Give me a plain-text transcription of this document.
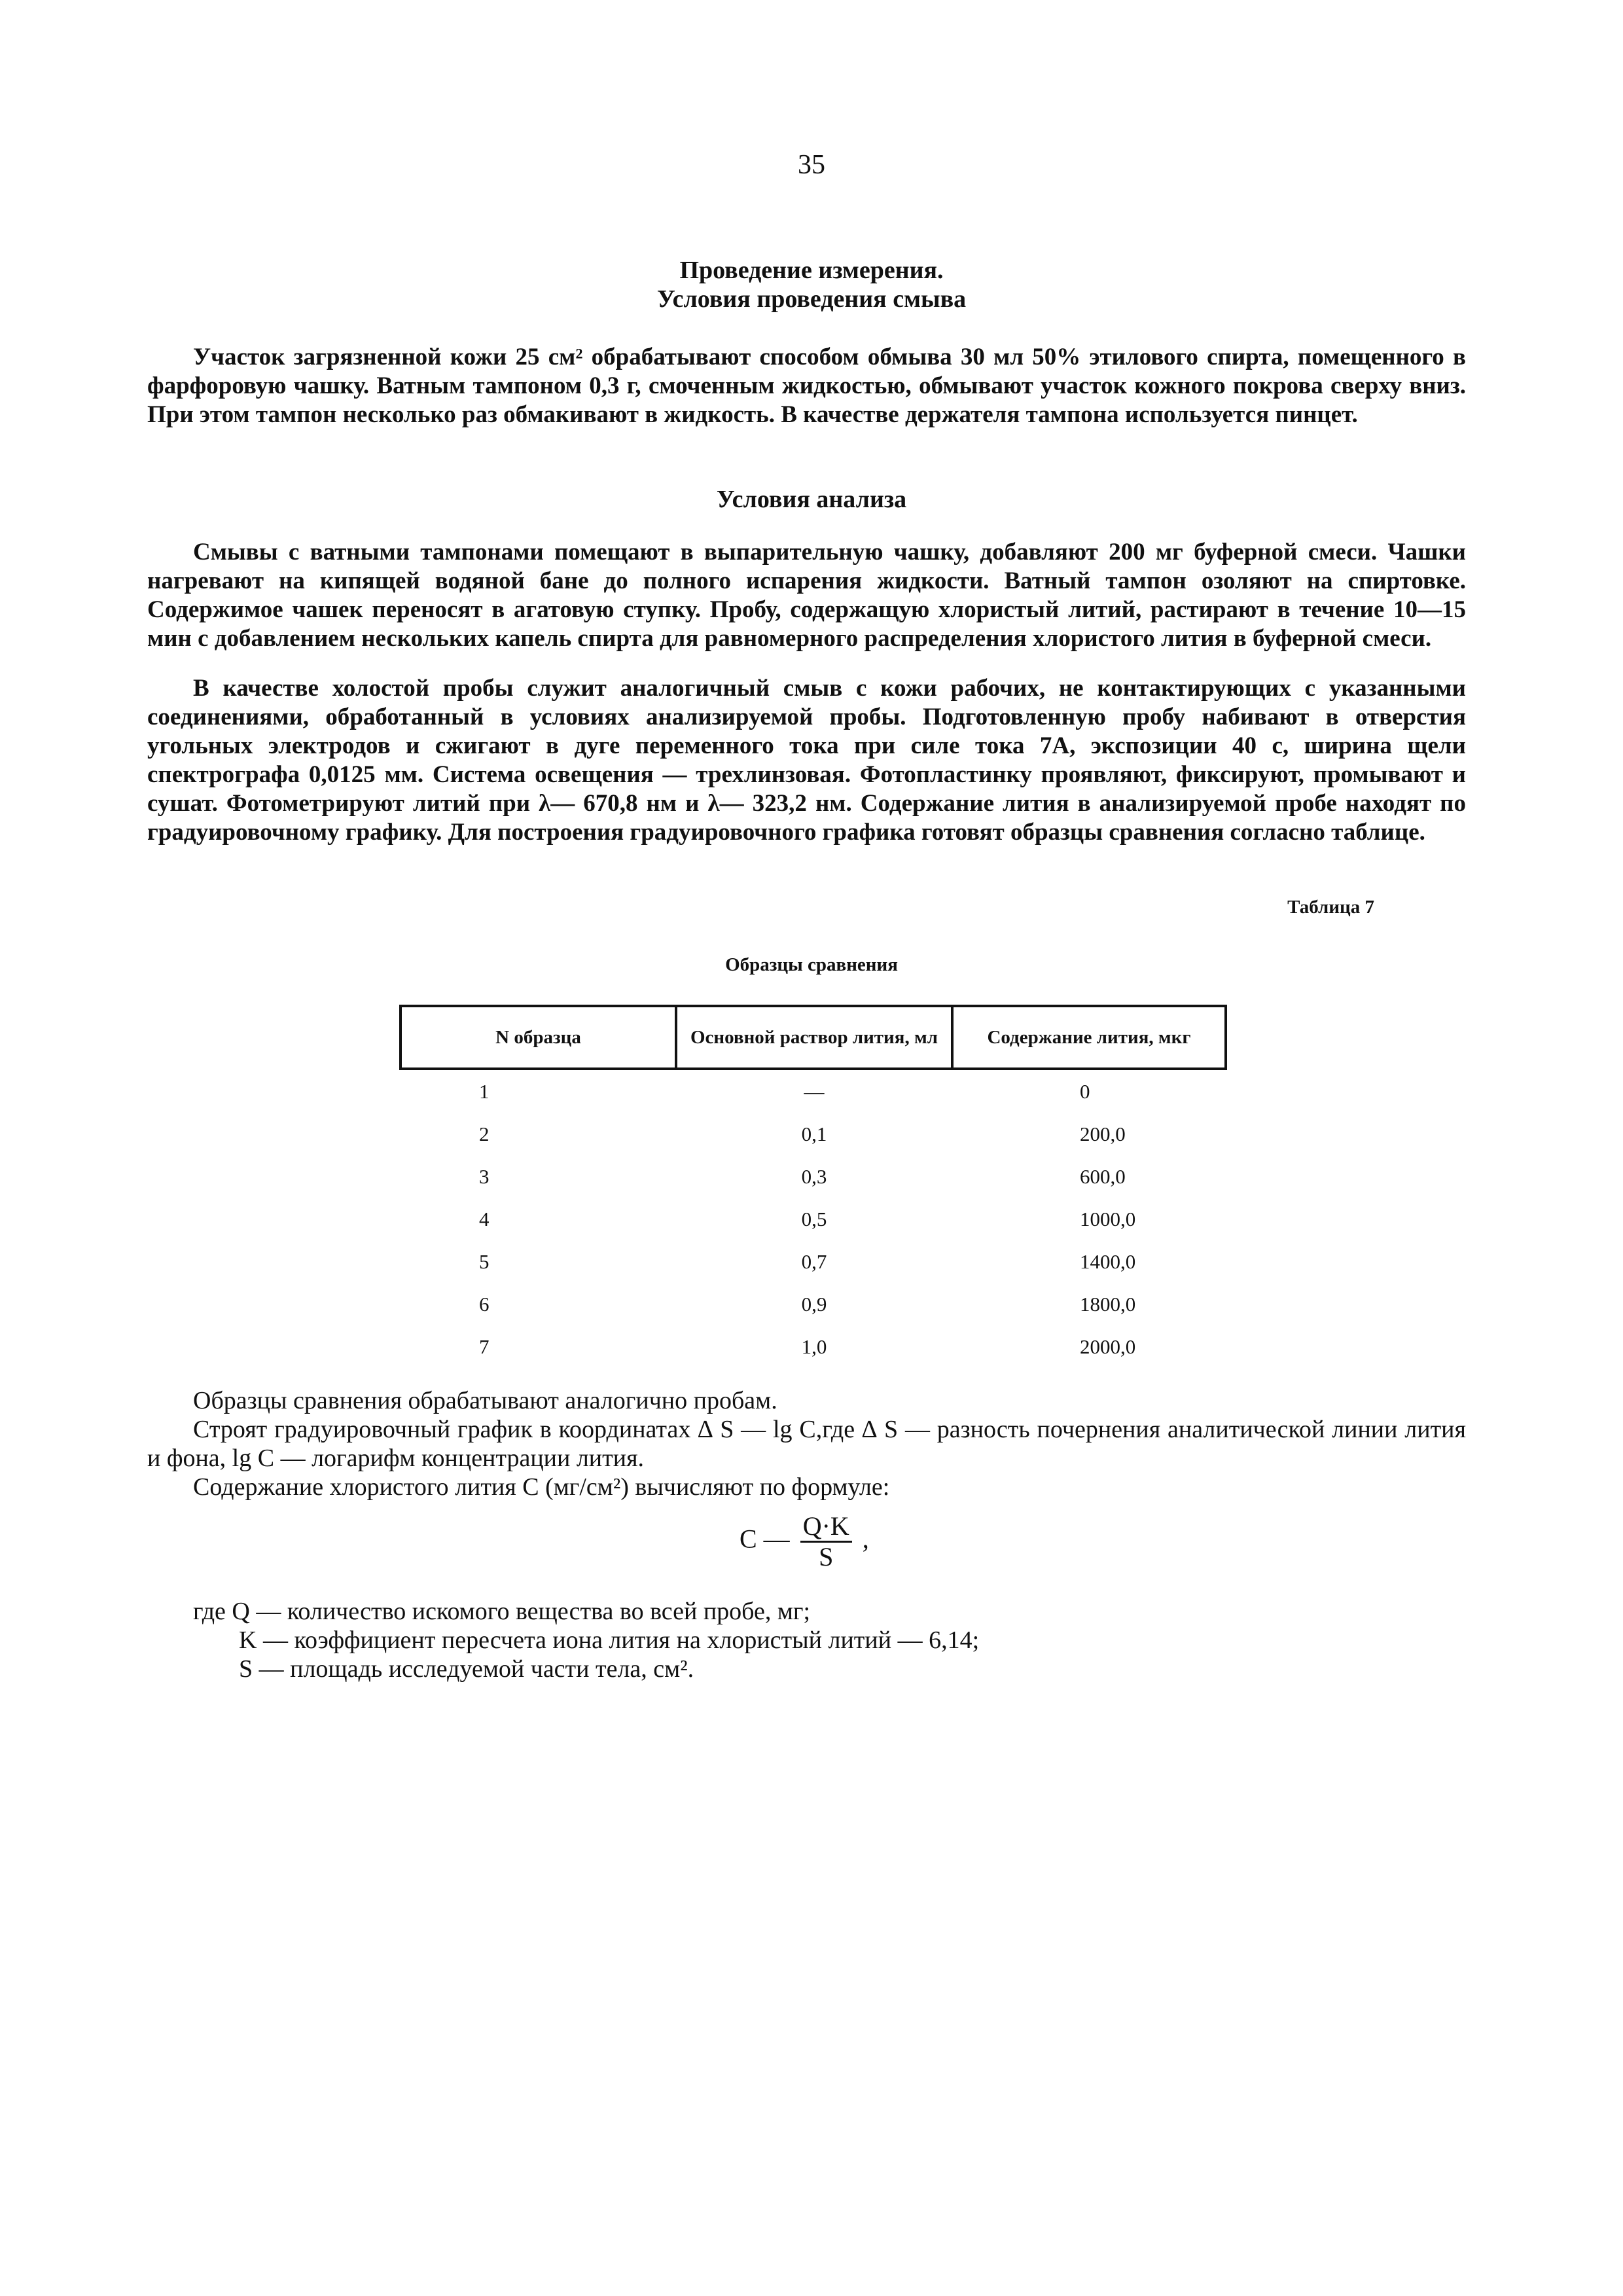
35
Проведение измерения.
Условия проведения смыва
Участок загрязненной кожи 25 см² обрабатывают способом обмыва 30 мл 50% этилового спирта, помещенного в фарфоровую чашку. Ватным тампоном 0,3 г, смоченным жидкостью, обмывают участок кожного покрова сверху вниз. При этом тампон несколько раз обмакивают в жидкость. В качестве держателя тампона используется пинцет.
Условия анализа
Смывы с ватными тампонами помещают в выпарительную чашку, добавляют 200 мг буферной смеси. Чашки нагревают на кипящей водяной бане до полного испарения жидкости. Ватный тампон озоляют на спиртовке. Содержимое чашек переносят в агатовую ступку. Пробу, содержащую хлористый литий, растирают в течение 10—15 мин с добавлением нескольких капель спирта для равномерного распределения хлористого лития в буферной смеси.
В качестве холостой пробы служит аналогичный смыв с кожи рабочих, не контактирующих с указанными соединениями, обработанный в условиях анализируемой пробы. Подготовленную пробу набивают в отверстия угольных электродов и сжигают в дуге переменного тока при силе тока 7А, экспозиции 40 с, ширина щели спектрографа 0,0125 мм. Система освещения — трехлинзовая. Фотопластинку проявляют, фиксируют, промывают и сушат. Фотометрируют литий при λ— 670,8 нм и λ— 323,2 нм. Содержание лития в анализируемой пробе находят по градуировочному графику. Для построения градуировочного графика готовят образцы сравнения согласно таблице.
Таблица 7
Образцы сравнения
N образца	Основной раствор лития, мл	Содержание лития, мкг
1	—	0
2	0,1	200,0
3	0,3	600,0
4	0,5	1000,0
5	0,7	1400,0
6	0,9	1800,0
7	1,0	2000,0
Образцы сравнения обрабатывают аналогично пробам.
Строят градуировочный график в координатах ∆ S — lg C,где ∆ S — разность почернения аналитической линии лития и фона, lg C — логарифм концентрации лития.
Содержание хлористого лития С (мг/см²) вычисляют по формуле:
С — $\frac{Q\cdot K}{S}$ ,
где Q — количество искомого вещества во всей пробе, мг;
K — коэффициент пересчета иона лития на хлористый литий — 6,14;
S — площадь исследуемой части тела, см².
